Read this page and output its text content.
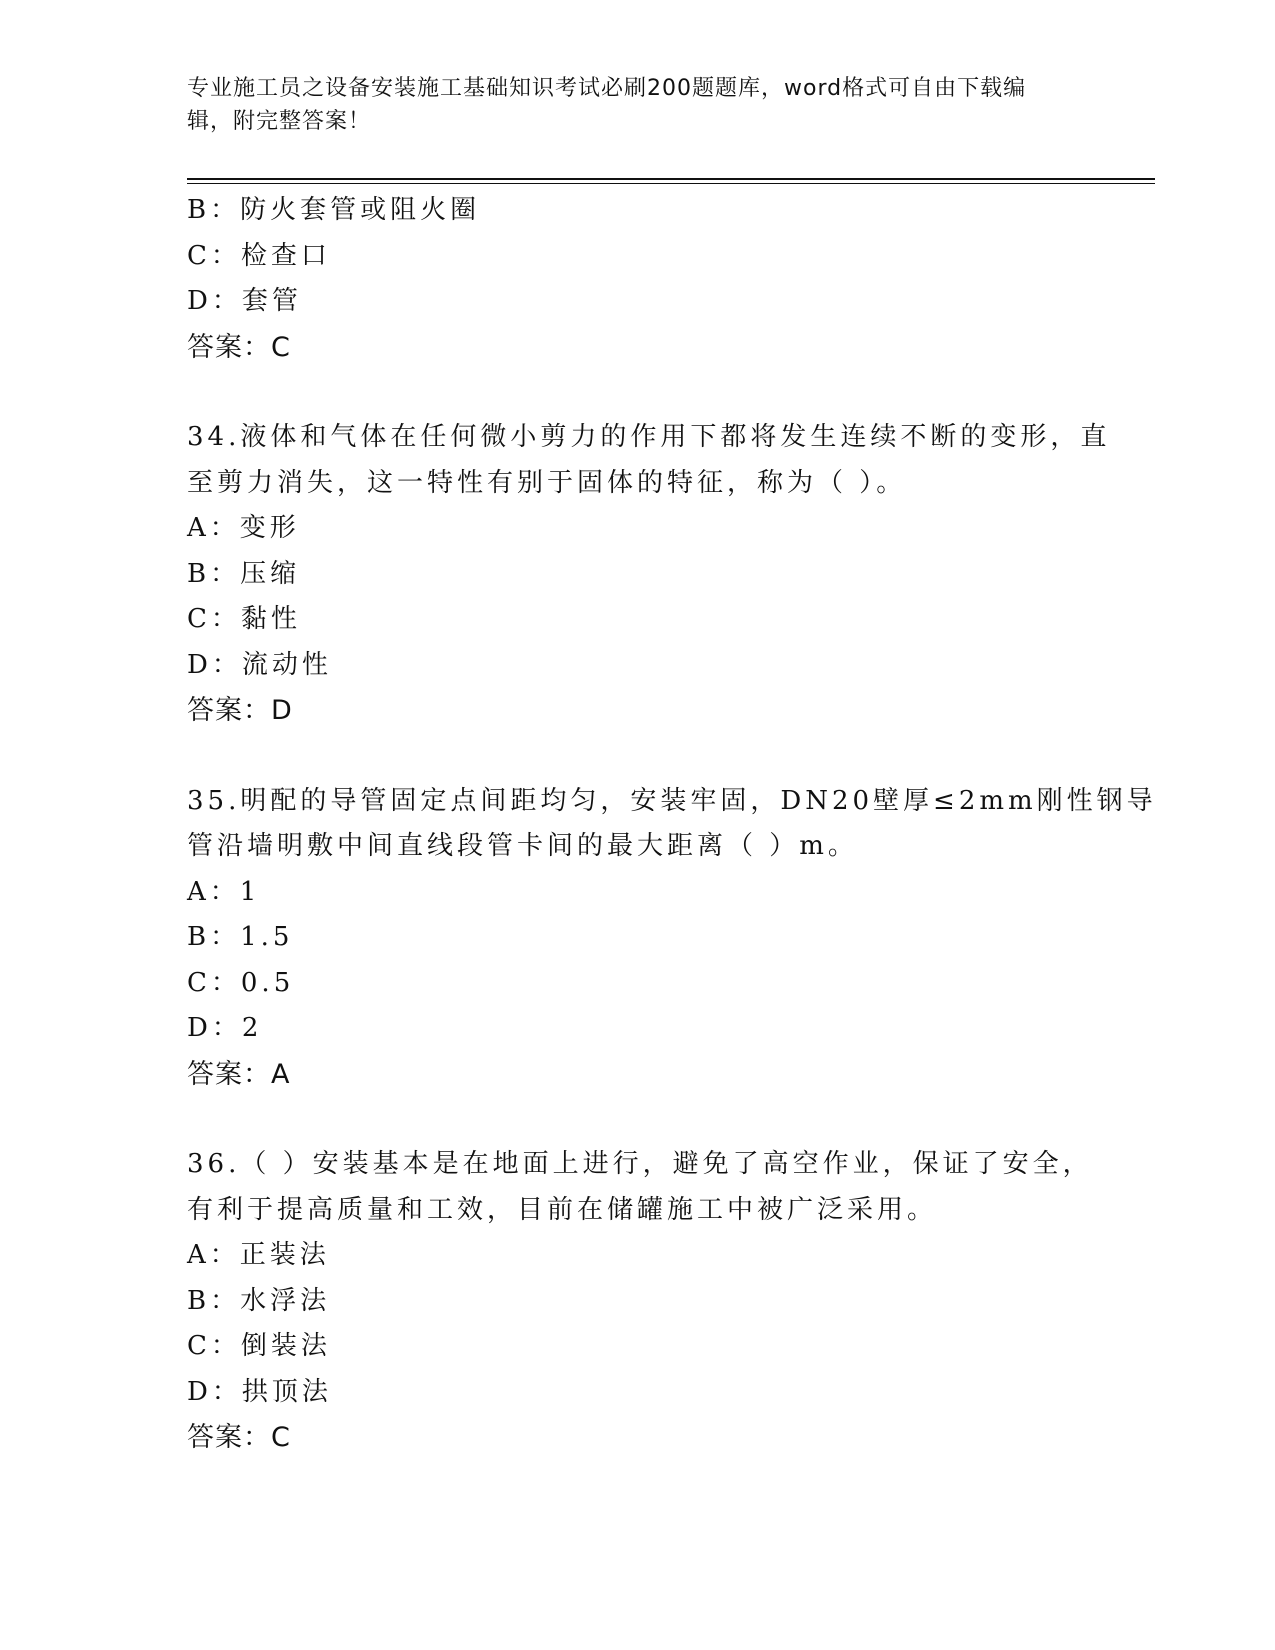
专业施工员之设备安装施工基础知识考试必刷200题题库，word格式可自由下载编辑，附完整答案！
B：防火套管或阻火圈
C：检查口
D：套管
答案：C
34.液体和气体在任何微小剪力的作用下都将发生连续不断的变形，直
至剪力消失，这一特性有别于固体的特征，称为（ ）。
A：变形
B：压缩
C：黏性
D：流动性
答案：D
35.明配的导管固定点间距均匀，安装牢固，DN20壁厚≤2mm刚性钢导
管沿墙明敷中间直线段管卡间的最大距离（ ）m。
A：1
B：1.5
C：0.5
D：2
答案：A
36.（ ）安装基本是在地面上进行，避免了高空作业，保证了安全，
有利于提高质量和工效，目前在储罐施工中被广泛采用。
A：正装法
B：水浮法
C：倒装法
D：拱顶法
答案：C
